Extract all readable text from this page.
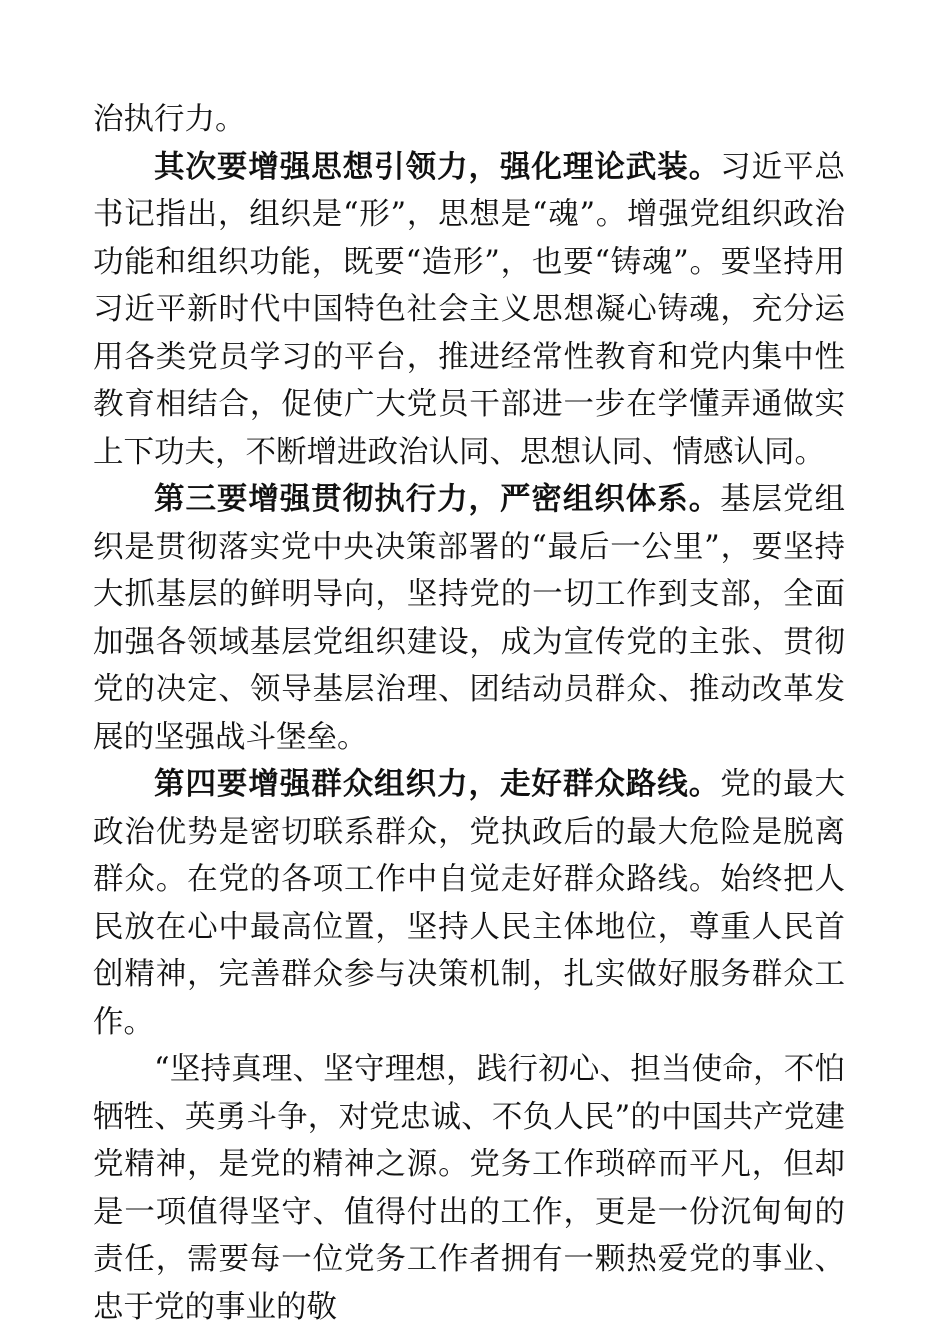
治执行力。

其次要增强思想引领力，强化理论武装。习近平总书记指出，组织是“形”，思想是“魂”。增强党组织政治功能和组织功能，既要“造形”，也要“铸魂”。要坚持用习近平新时代中国特色社会主义思想凝心铸魂，充分运用各类党员学习的平台，推进经常性教育和党内集中性教育相结合，促使广大党员干部进一步在学懂弄通做实上下功夫，不断增进政治认同、思想认同、情感认同。

第三要增强贯彻执行力，严密组织体系。基层党组织是贯彻落实党中央决策部署的“最后一公里”，要坚持大抓基层的鲜明导向，坚持党的一切工作到支部，全面加强各领域基层党组织建设，成为宣传党的主张、贯彻党的决定、领导基层治理、团结动员群众、推动改革发展的坚强战斗堡垒。

第四要增强群众组织力，走好群众路线。党的最大政治优势是密切联系群众，党执政后的最大危险是脱离群众。在党的各项工作中自觉走好群众路线。始终把人民放在心中最高位置，坚持人民主体地位，尊重人民首创精神，完善群众参与决策机制，扎实做好服务群众工作。

“坚持真理、坚守理想，践行初心、担当使命，不怕牺牲、英勇斗争，对党忠诚、不负人民”的中国共产党建党精神，是党的精神之源。党务工作琐碎而平凡，但却是一项值得坚守、值得付出的工作，更是一份沉甸甸的责任，需要每一位党务工作者拥有一颗热爱党的事业、忠于党的事业的敬
